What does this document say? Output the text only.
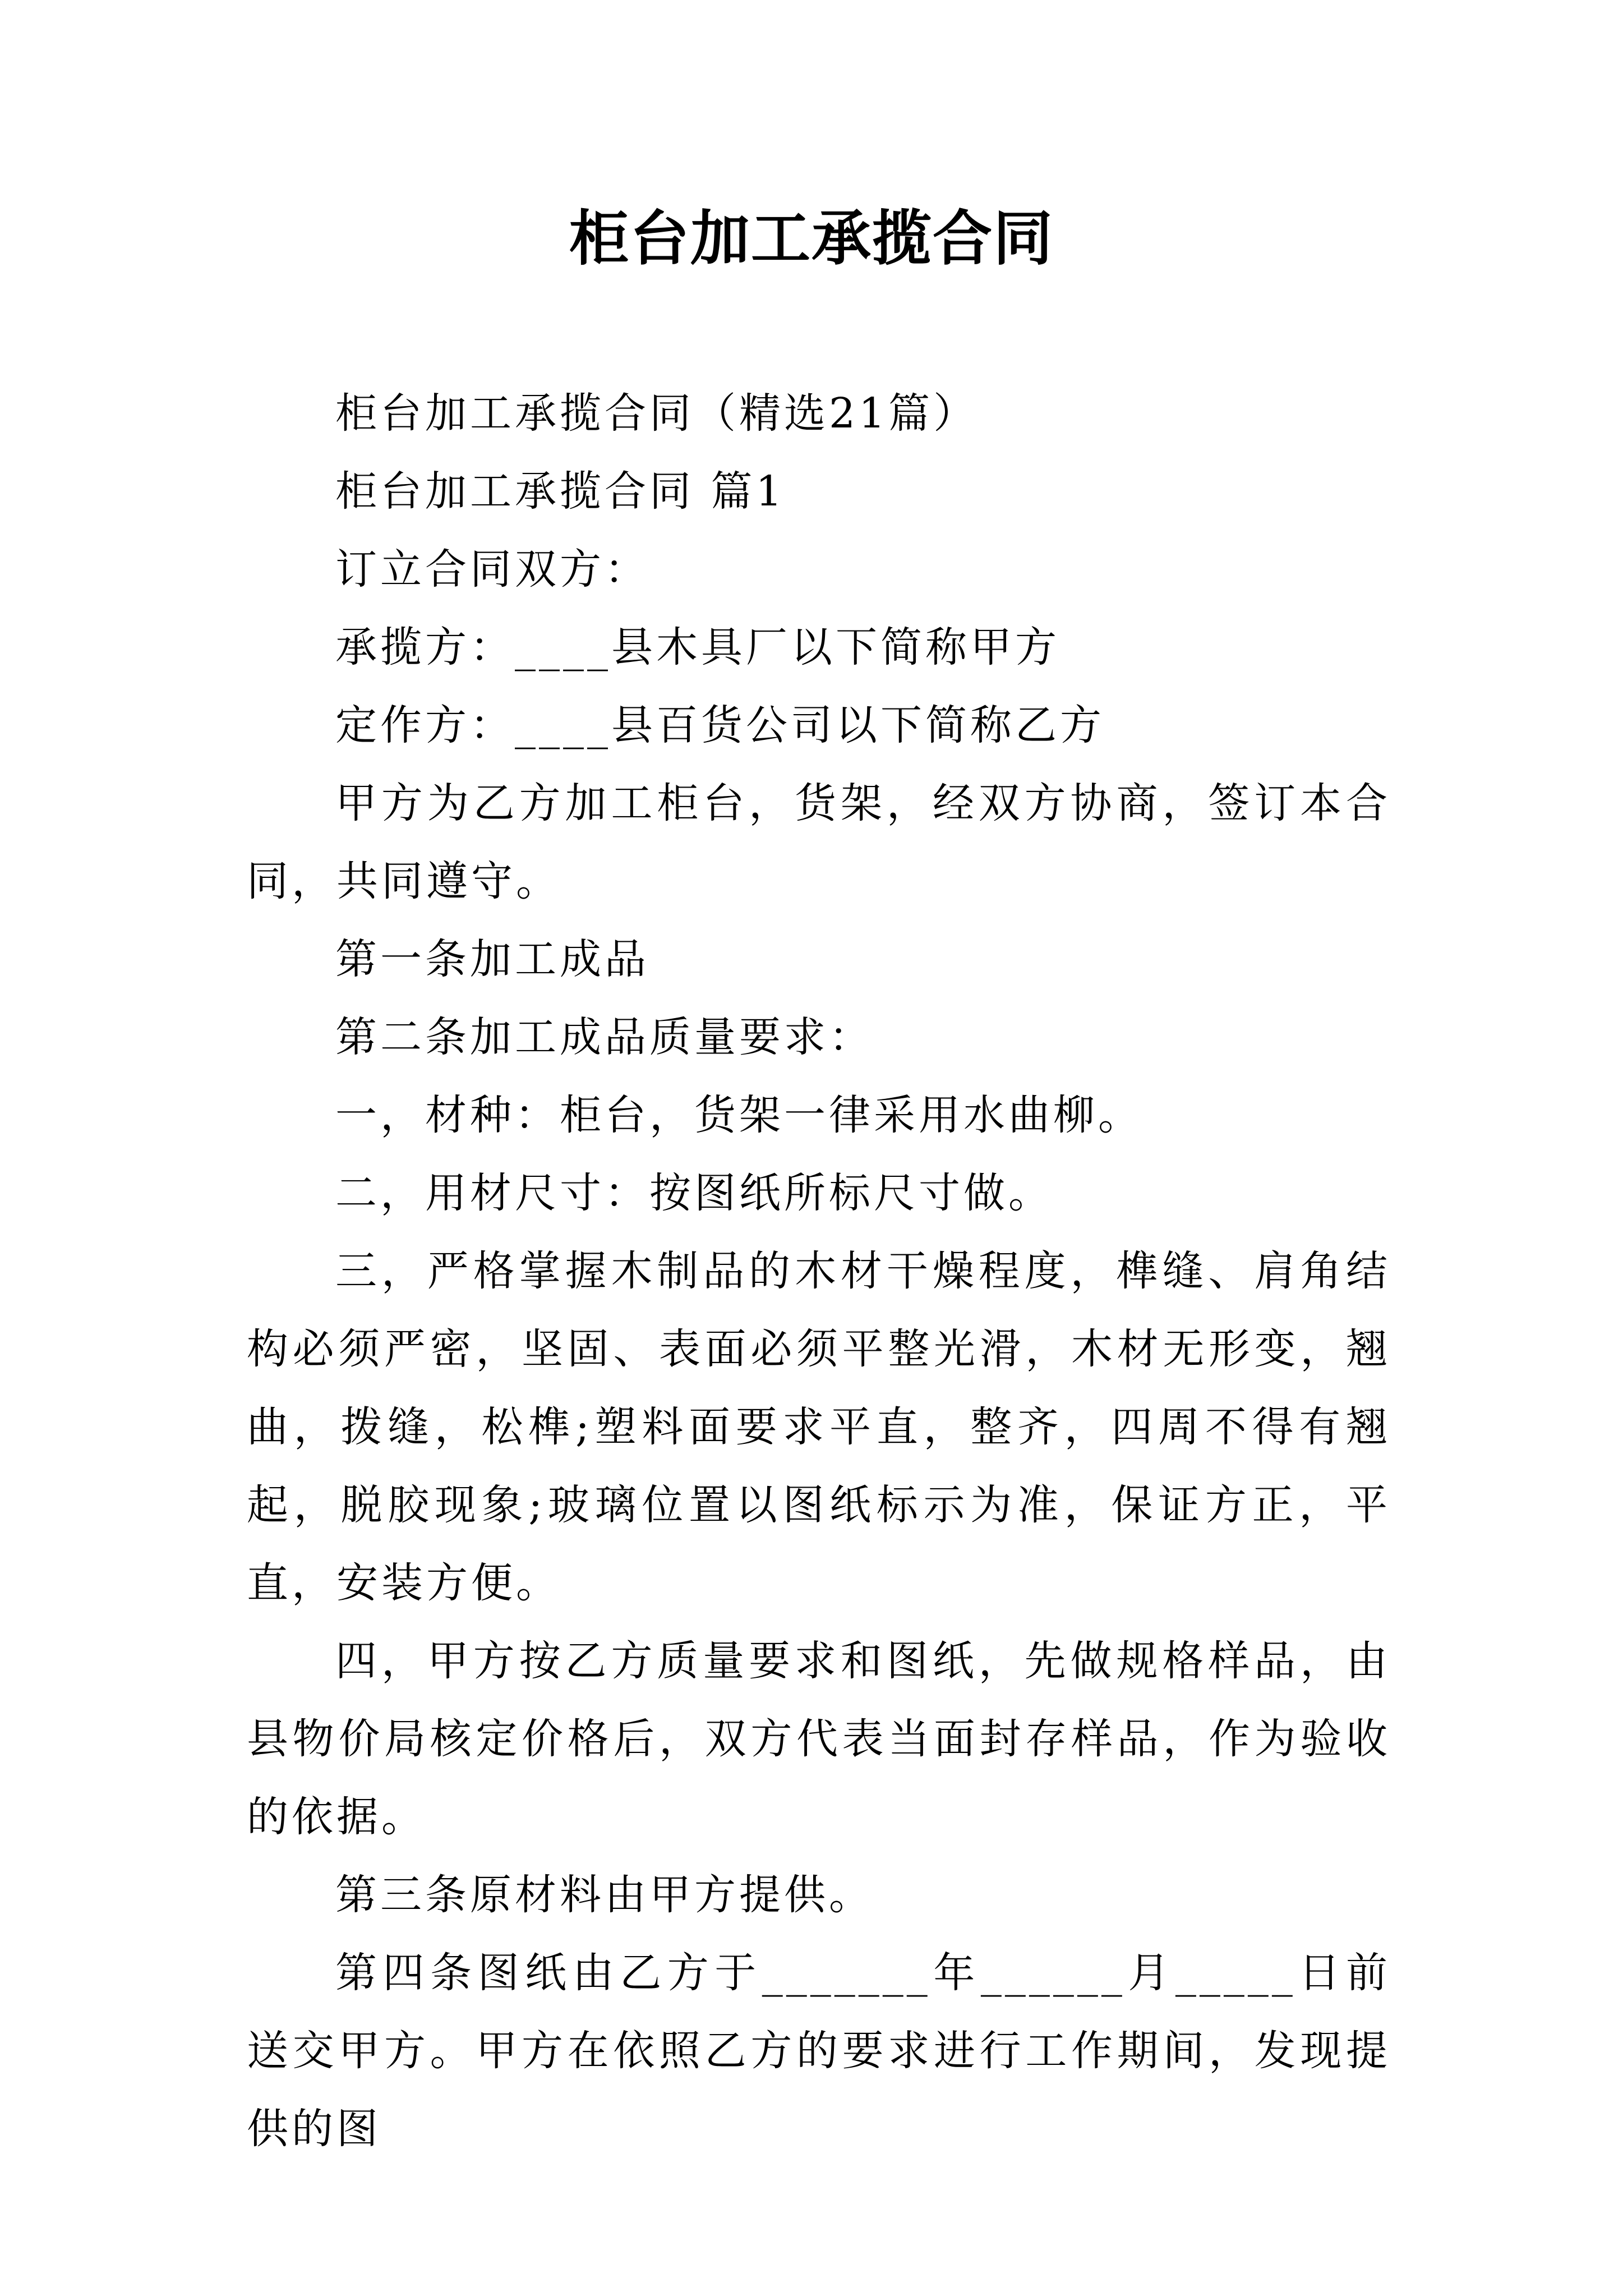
柜台加工承揽合同

柜台加工承揽合同（精选21篇）

柜台加工承揽合同 篇1

订立合同双方：

承揽方：____县木具厂以下简称甲方

定作方：____县百货公司以下简称乙方

甲方为乙方加工柜台，货架，经双方协商，签订本合同，共同遵守。

第一条加工成品

第二条加工成品质量要求：

一，材种：柜台，货架一律采用水曲柳。

二，用材尺寸：按图纸所标尺寸做。

三，严格掌握木制品的木材干燥程度，榫缝、肩角结构必须严密，坚固、表面必须平整光滑，木材无形变，翘曲，拨缝，松榫;塑料面要求平直，整齐，四周不得有翘起，脱胶现象;玻璃位置以图纸标示为准，保证方正，平直，安装方便。

四，甲方按乙方质量要求和图纸，先做规格样品，由县物价局核定价格后，双方代表当面封存样品，作为验收的依据。

第三条原材料由甲方提供。

第四条图纸由乙方于_______年______月_____日前送交甲方。甲方在依照乙方的要求进行工作期间，发现提供的图
